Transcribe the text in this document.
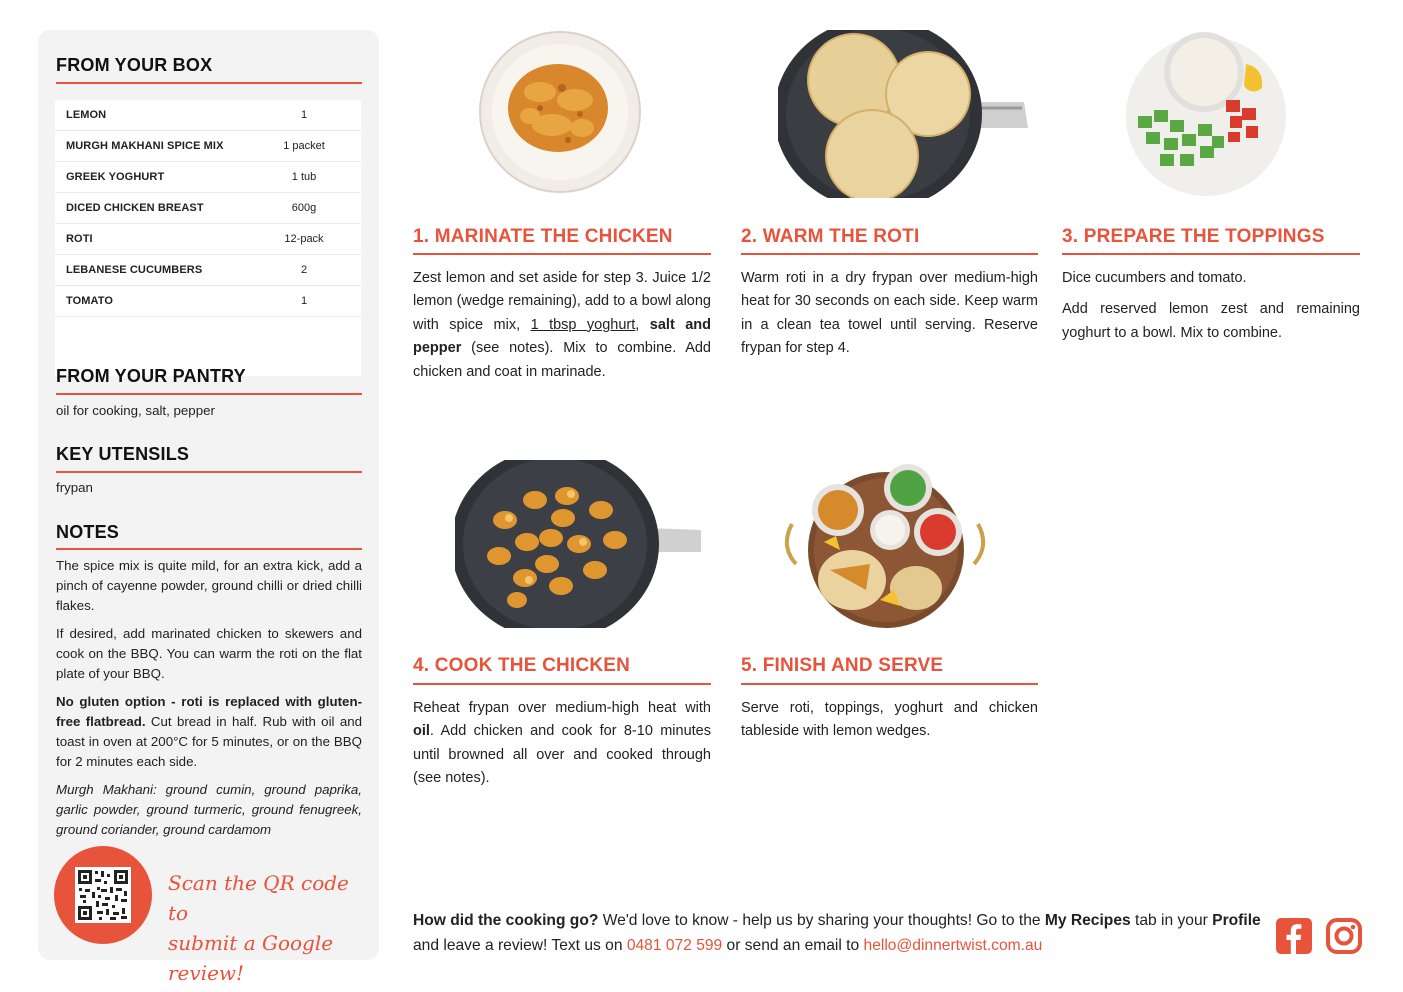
FROM YOUR BOX
LEMON	1
MURGH MAKHANI SPICE MIX	1 packet
GREEK YOGHURT	1 tub
DICED CHICKEN BREAST	600g
ROTI	12-pack
LEBANESE CUCUMBERS	2
TOMATO	1
FROM YOUR PANTRY
oil for cooking, salt, pepper
KEY UTENSILS
frypan
NOTES

The spice mix is quite mild, for an extra kick, add a pinch of cayenne powder, ground chilli or dried chilli flakes.

If desired, add marinated chicken to skewers and cook on the BBQ. You can warm the roti on the flat plate of your BBQ.

No gluten option - roti is replaced with gluten-free flatbread. Cut bread in half. Rub with oil and toast in oven at 200°C for 5 minutes, or on the BBQ for 2 minutes each side.

Murgh Makhani: ground cumin, ground paprika, garlic powder, ground turmeric, ground fenugreek, ground coriander, ground cardamom

Scan the QR code to
submit a Google review!
1. MARINATE THE CHICKEN
Zest lemon and set aside for step 3. Juice 1/2 lemon (wedge remaining), add to a bowl along with spice mix, 1 tbsp yoghurt, salt and pepper (see notes). Mix to combine. Add chicken and coat in marinade.
2. WARM THE ROTI
Warm roti in a dry frypan over medium-high heat for 30 seconds on each side. Keep warm in a clean tea towel until serving. Reserve frypan for step 4.
3. PREPARE THE TOPPINGS

Dice cucumbers and tomato.

Add reserved lemon zest and remaining yoghurt to a bowl. Mix to combine.

4. COOK THE CHICKEN
Reheat frypan over medium-high heat with oil. Add chicken and cook for 8-10 minutes until browned all over and cooked through (see notes).
5. FINISH AND SERVE
Serve roti, toppings, yoghurt and chicken tableside with lemon wedges.
How did the cooking go? We'd love to know - help us by sharing your thoughts! Go to the My Recipes tab in your Profile and leave a review! Text us on 0481 072 599 or send an email to hello@dinnertwist.com.au
